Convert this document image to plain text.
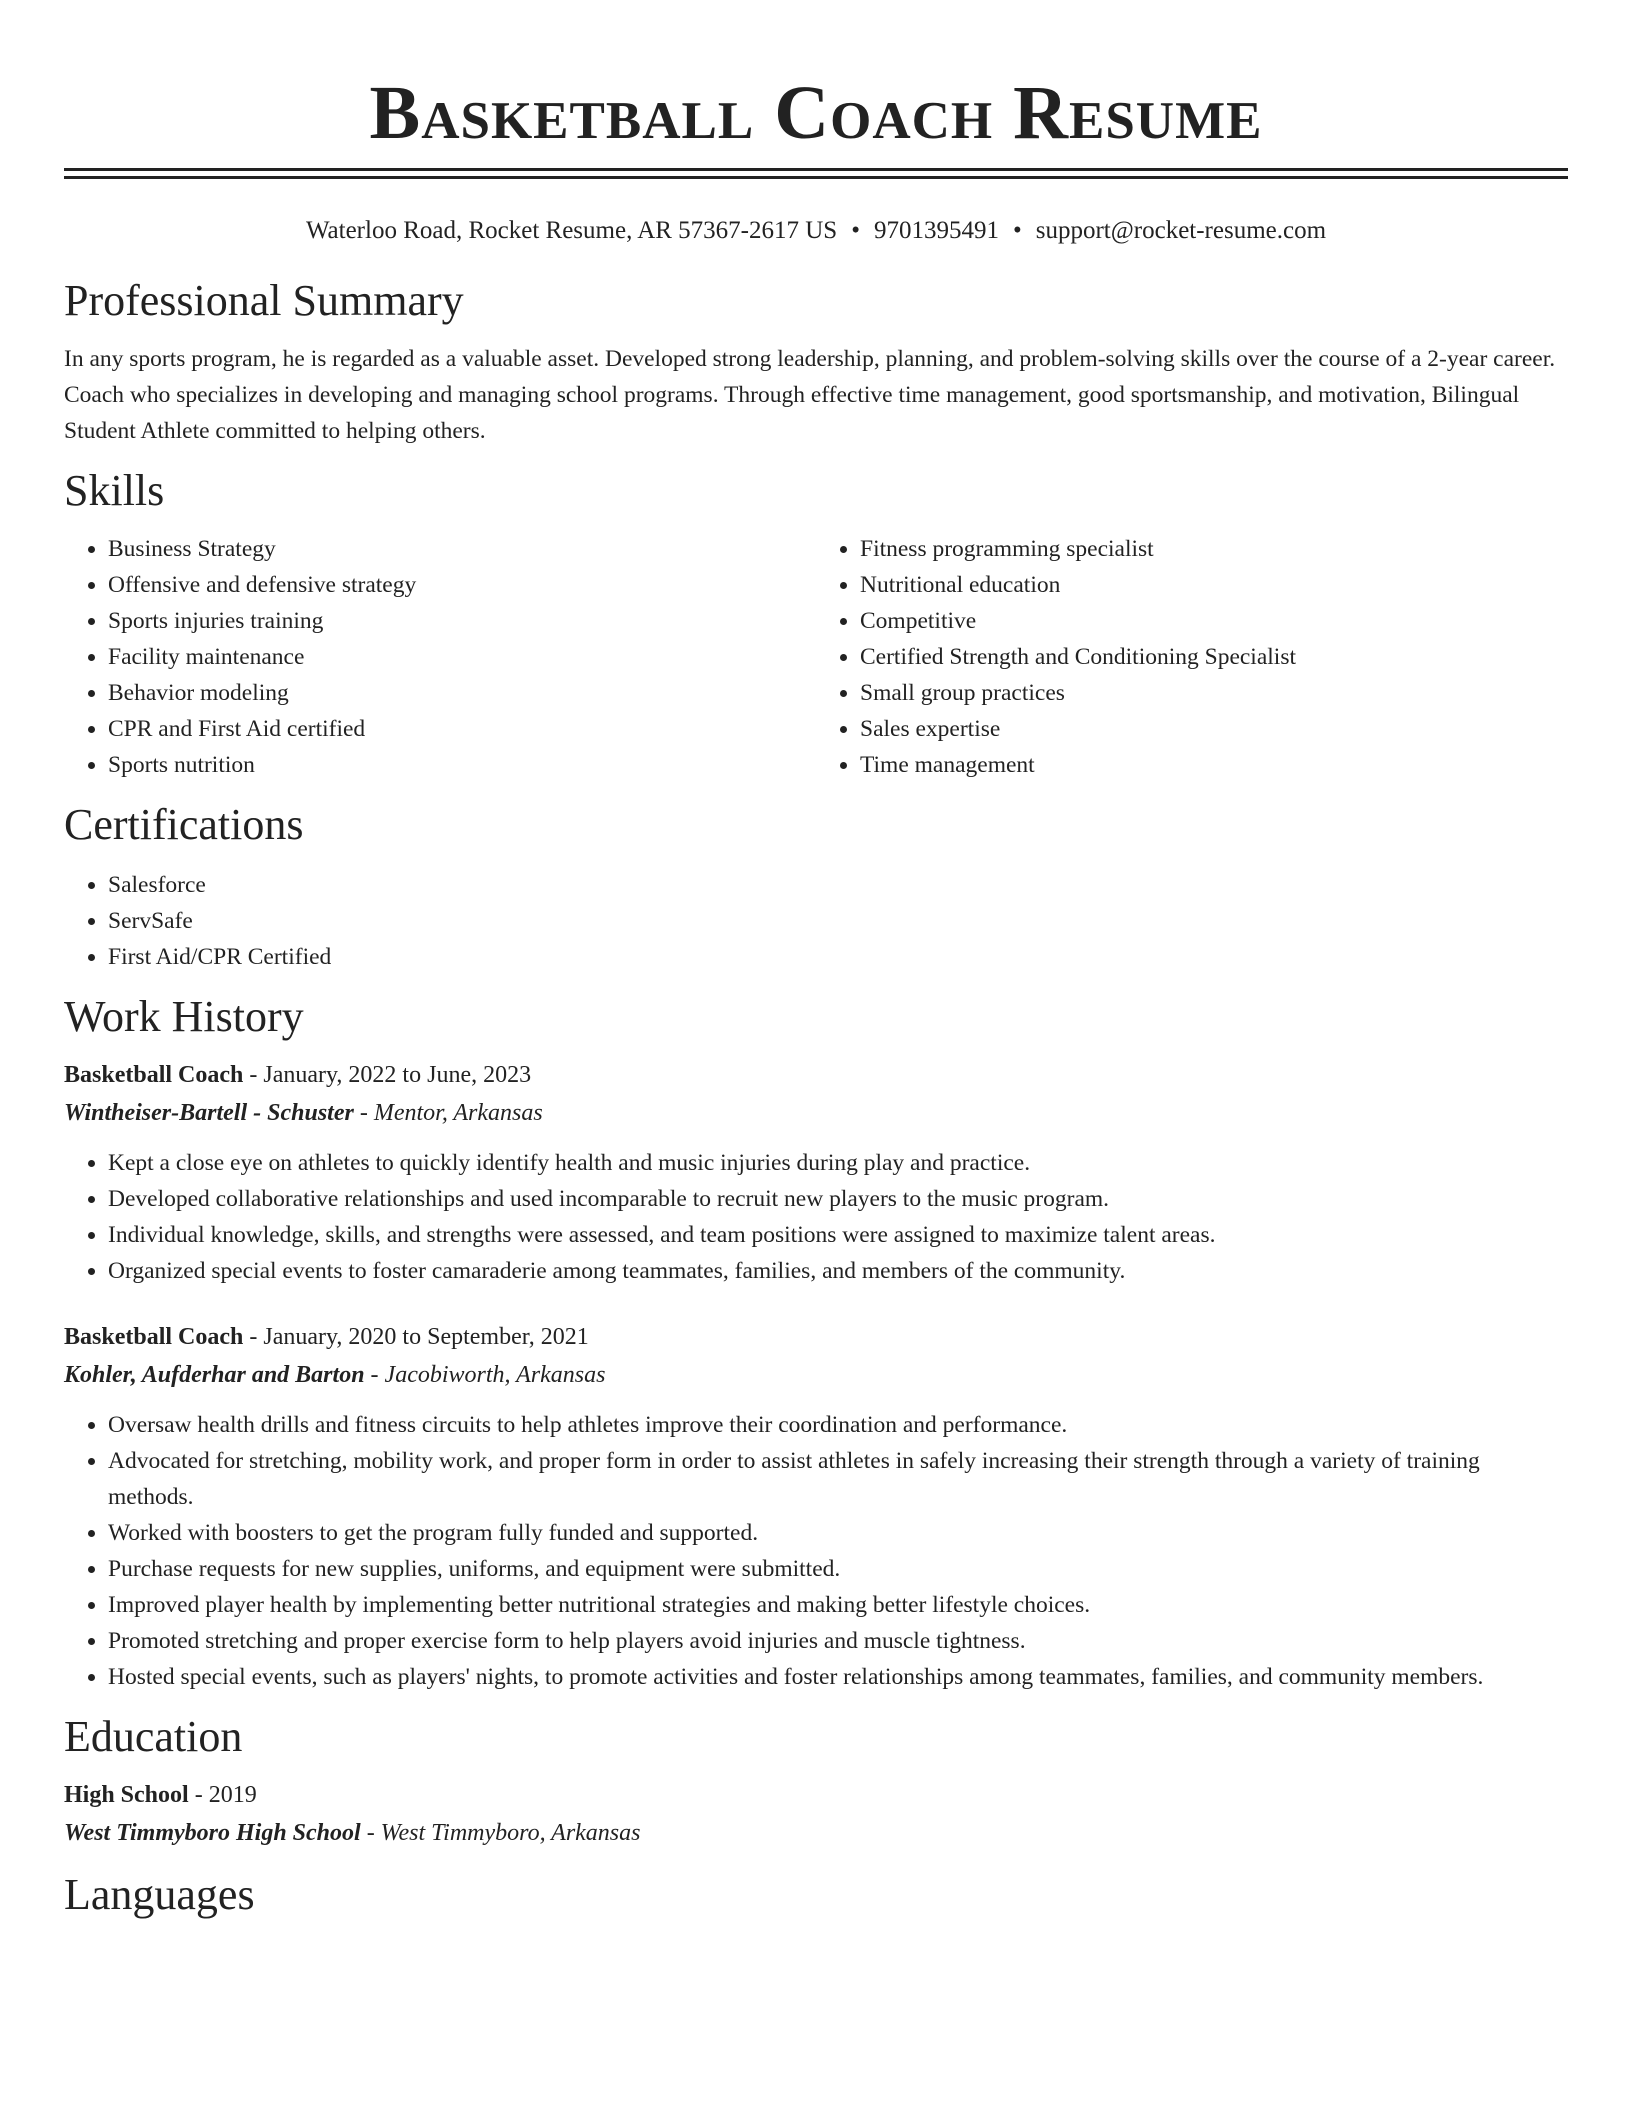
Basketball Coach Resume
Waterloo Road, Rocket Resume, AR 57367-2617 US • 9701395491 • support@rocket-resume.com
Professional Summary

In any sports program, he is regarded as a valuable asset. Developed strong leadership, planning, and problem-solving skills over the course of a 2-year career. Coach who specializes in developing and managing school programs. Through effective time management, good sportsmanship, and motivation, Bilingual Student Athlete committed to helping others.

Skills
• Business Strategy
• Offensive and defensive strategy
• Sports injuries training
• Facility maintenance
• Behavior modeling
• CPR and First Aid certified
• Sports nutrition
• Fitness programming specialist
• Nutritional education
• Competitive
• Certified Strength and Conditioning Specialist
• Small group practices
• Sales expertise
• Time management
Certifications
• Salesforce
• ServSafe
• First Aid/CPR Certified
Work History
Basketball Coach - January, 2022 to June, 2023
Wintheiser-Bartell - Schuster - Mentor, Arkansas
• Kept a close eye on athletes to quickly identify health and music injuries during play and practice.
• Developed collaborative relationships and used incomparable to recruit new players to the music program.
• Individual knowledge, skills, and strengths were assessed, and team positions were assigned to maximize talent areas.
• Organized special events to foster camaraderie among teammates, families, and members of the community.
Basketball Coach - January, 2020 to September, 2021
Kohler, Aufderhar and Barton - Jacobiworth, Arkansas
• Oversaw health drills and fitness circuits to help athletes improve their coordination and performance.
• Advocated for stretching, mobility work, and proper form in order to assist athletes in safely increasing their strength through a variety of training methods.
• Worked with boosters to get the program fully funded and supported.
• Purchase requests for new supplies, uniforms, and equipment were submitted.
• Improved player health by implementing better nutritional strategies and making better lifestyle choices.
• Promoted stretching and proper exercise form to help players avoid injuries and muscle tightness.
• Hosted special events, such as players' nights, to promote activities and foster relationships among teammates, families, and community members.
Education
High School - 2019
West Timmyboro High School - West Timmyboro, Arkansas
Languages
